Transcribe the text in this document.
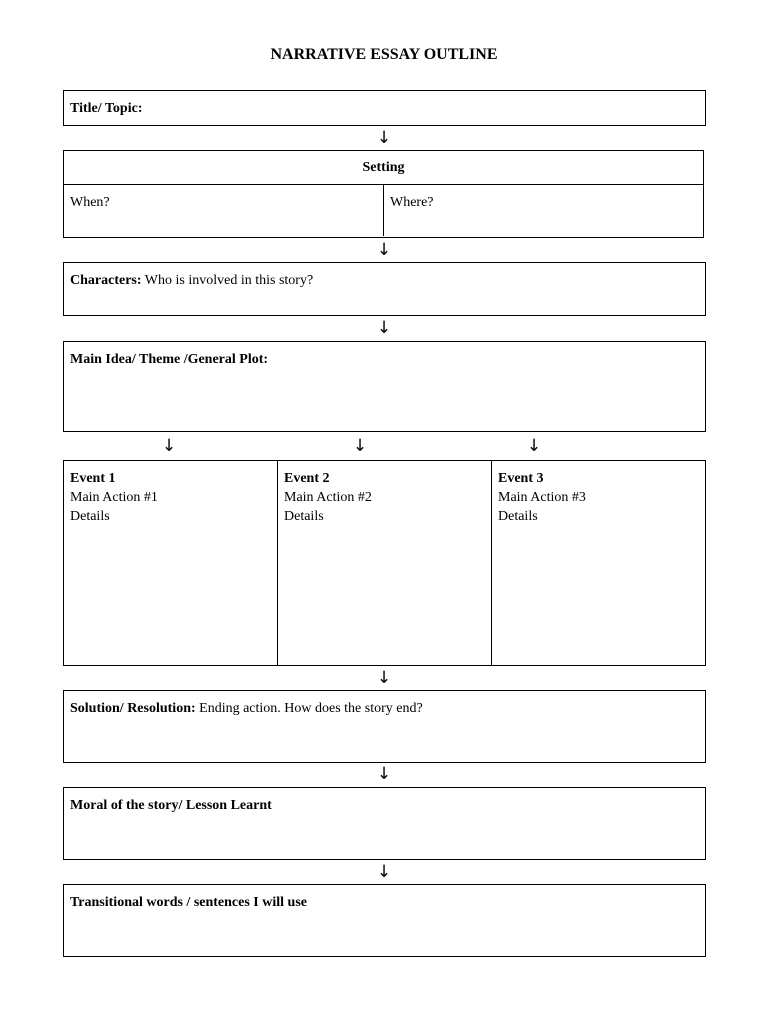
NARRATIVE ESSAY OUTLINE
Title/ Topic:
↓
Setting
When?	Where?
↓
Characters: Who is involved in this story?
↓
Main Idea/ Theme /General Plot:
↓	↓	↓
Event 1
Main Action #1
Details
Event 2
Main Action #2
Details
Event 3
Main Action #3
Details
↓
Solution/ Resolution: Ending action. How does the story end?
↓
Moral of the story/ Lesson Learnt
↓
Transitional words / sentences I will use
